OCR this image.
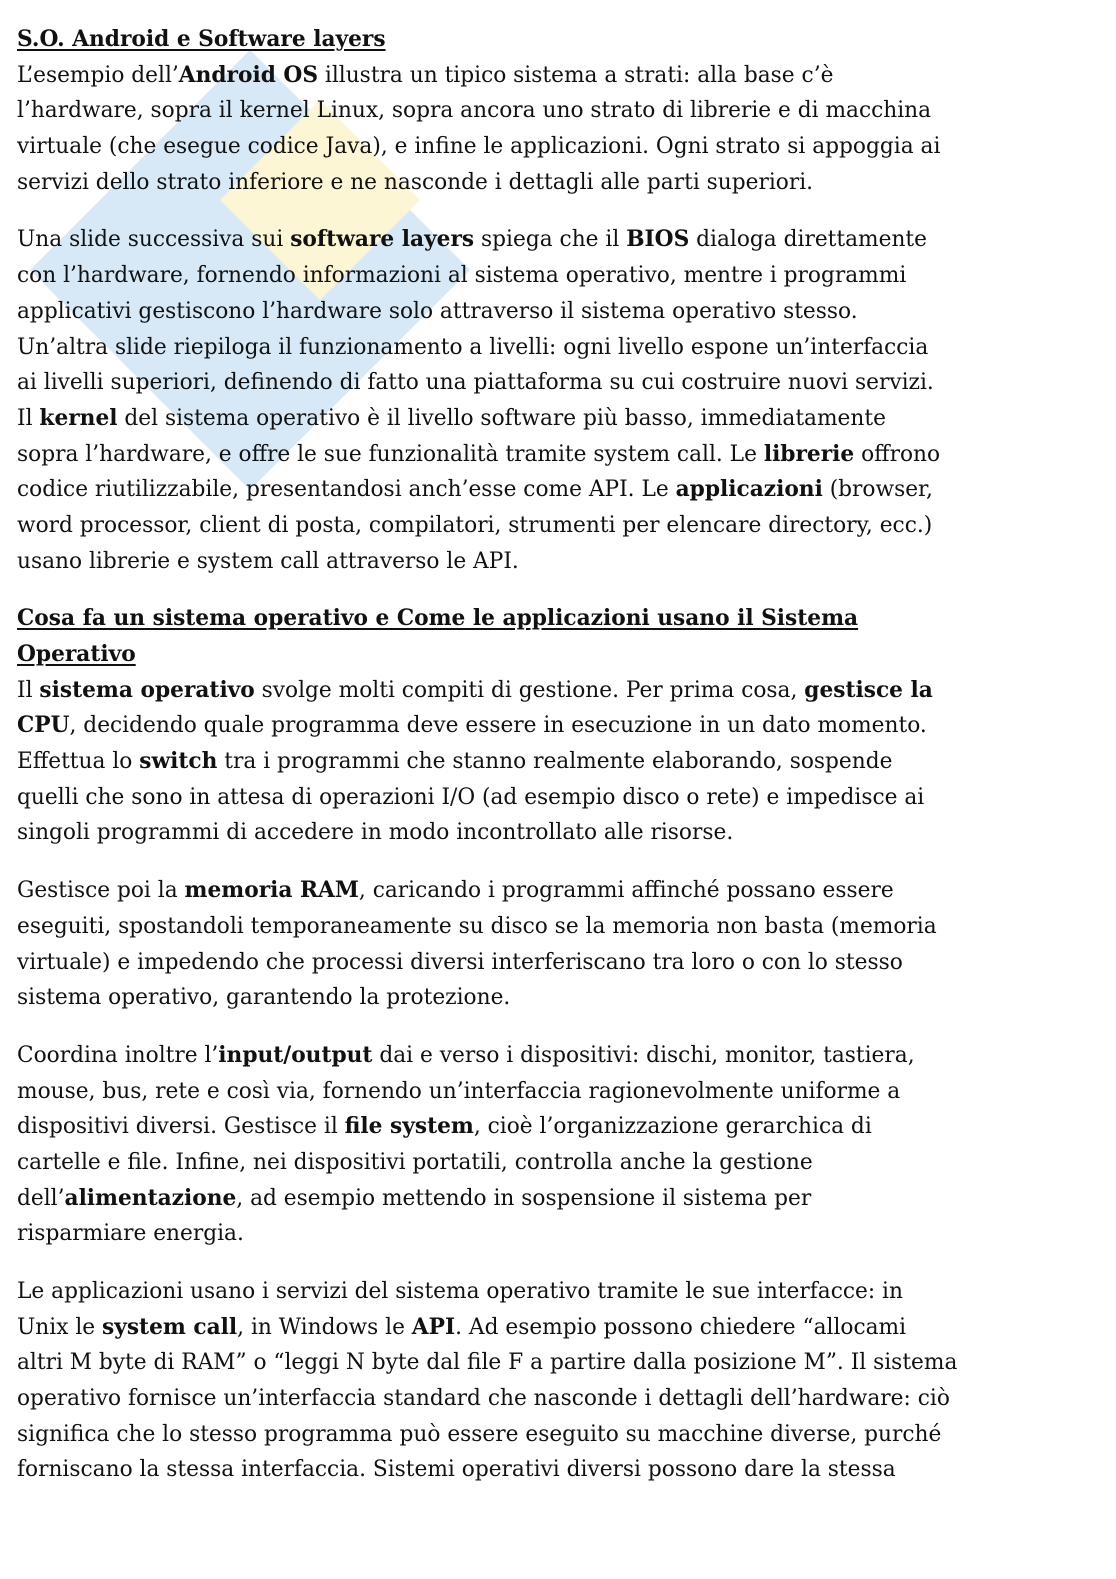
S.O. Android e Software layers
L’esempio dell’Android OS illustra un tipico sistema a strati: alla base c’è
l’hardware, sopra il kernel Linux, sopra ancora uno strato di librerie e di macchina
virtuale (che esegue codice Java), e infine le applicazioni. Ogni strato si appoggia ai
servizi dello strato inferiore e ne nasconde i dettagli alle parti superiori.
Una slide successiva sui software layers spiega che il BIOS dialoga direttamente
con l’hardware, fornendo informazioni al sistema operativo, mentre i programmi
applicativi gestiscono l’hardware solo attraverso il sistema operativo stesso.
Un’altra slide riepiloga il funzionamento a livelli: ogni livello espone un’interfaccia
ai livelli superiori, definendo di fatto una piattaforma su cui costruire nuovi servizi.
Il kernel del sistema operativo è il livello software più basso, immediatamente
sopra l’hardware, e offre le sue funzionalità tramite system call. Le librerie offrono
codice riutilizzabile, presentandosi anch’esse come API. Le applicazioni (browser,
word processor, client di posta, compilatori, strumenti per elencare directory, ecc.)
usano librerie e system call attraverso le API.
Cosa fa un sistema operativo e Come le applicazioni usano il Sistema
Operativo
Il sistema operativo svolge molti compiti di gestione. Per prima cosa, gestisce la
CPU, decidendo quale programma deve essere in esecuzione in un dato momento.
Effettua lo switch tra i programmi che stanno realmente elaborando, sospende
quelli che sono in attesa di operazioni I/O (ad esempio disco o rete) e impedisce ai
singoli programmi di accedere in modo incontrollato alle risorse.
Gestisce poi la memoria RAM, caricando i programmi affinché possano essere
eseguiti, spostandoli temporaneamente su disco se la memoria non basta (memoria
virtuale) e impedendo che processi diversi interferiscano tra loro o con lo stesso
sistema operativo, garantendo la protezione.
Coordina inoltre l’input/output dai e verso i dispositivi: dischi, monitor, tastiera,
mouse, bus, rete e così via, fornendo un’interfaccia ragionevolmente uniforme a
dispositivi diversi. Gestisce il file system, cioè l’organizzazione gerarchica di
cartelle e file. Infine, nei dispositivi portatili, controlla anche la gestione
dell’alimentazione, ad esempio mettendo in sospensione il sistema per
risparmiare energia.
Le applicazioni usano i servizi del sistema operativo tramite le sue interfacce: in
Unix le system call, in Windows le API. Ad esempio possono chiedere “allocami
altri M byte di RAM” o “leggi N byte dal file F a partire dalla posizione M”. Il sistema
operativo fornisce un’interfaccia standard che nasconde i dettagli dell’hardware: ciò
significa che lo stesso programma può essere eseguito su macchine diverse, purché
forniscano la stessa interfaccia. Sistemi operativi diversi possono dare la stessa
